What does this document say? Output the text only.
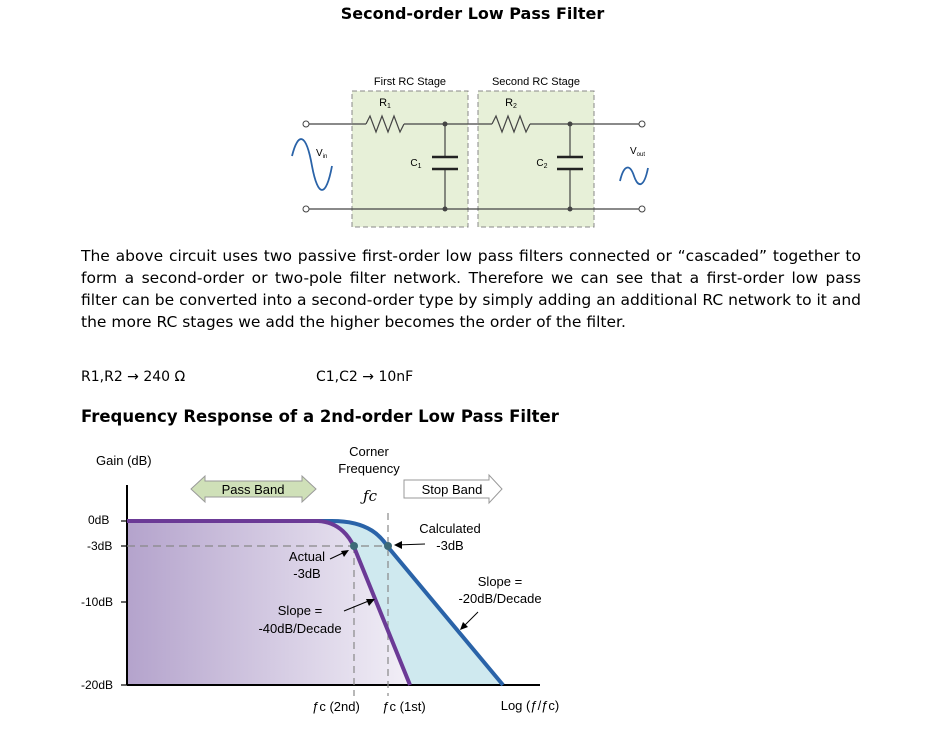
Second-order Low Pass Filter
First RC Stage	Second RC Stage
R1	R2
$C_1$	$C_2$
$V_{in}$	$V_{out}$

The above circuit uses two passive first-order low pass filters connected or “cascaded” together to form a second-order or two-pole filter network. Therefore we can see that a first-order low pass filter can be converted into a second-order type by simply adding an additional RC network to it and the more RC stages we add the higher becomes the order of the filter.

R1,R2 → 240 Ω	C1,C2 → 10nF

Frequency Response of a 2nd-order Low Pass Filter
Gain (dB)
0dB
-3dB
-10dB
-20dB
Pass Band	Stop Band
Corner
Frequency
ƒc
Calculated
-3dB
Actual
-3dB
Slope =
-40dB/Decade
Slope =
-20dB/Decade
ƒc (2nd) ƒc (1st)	Log (ƒ/ƒc)
